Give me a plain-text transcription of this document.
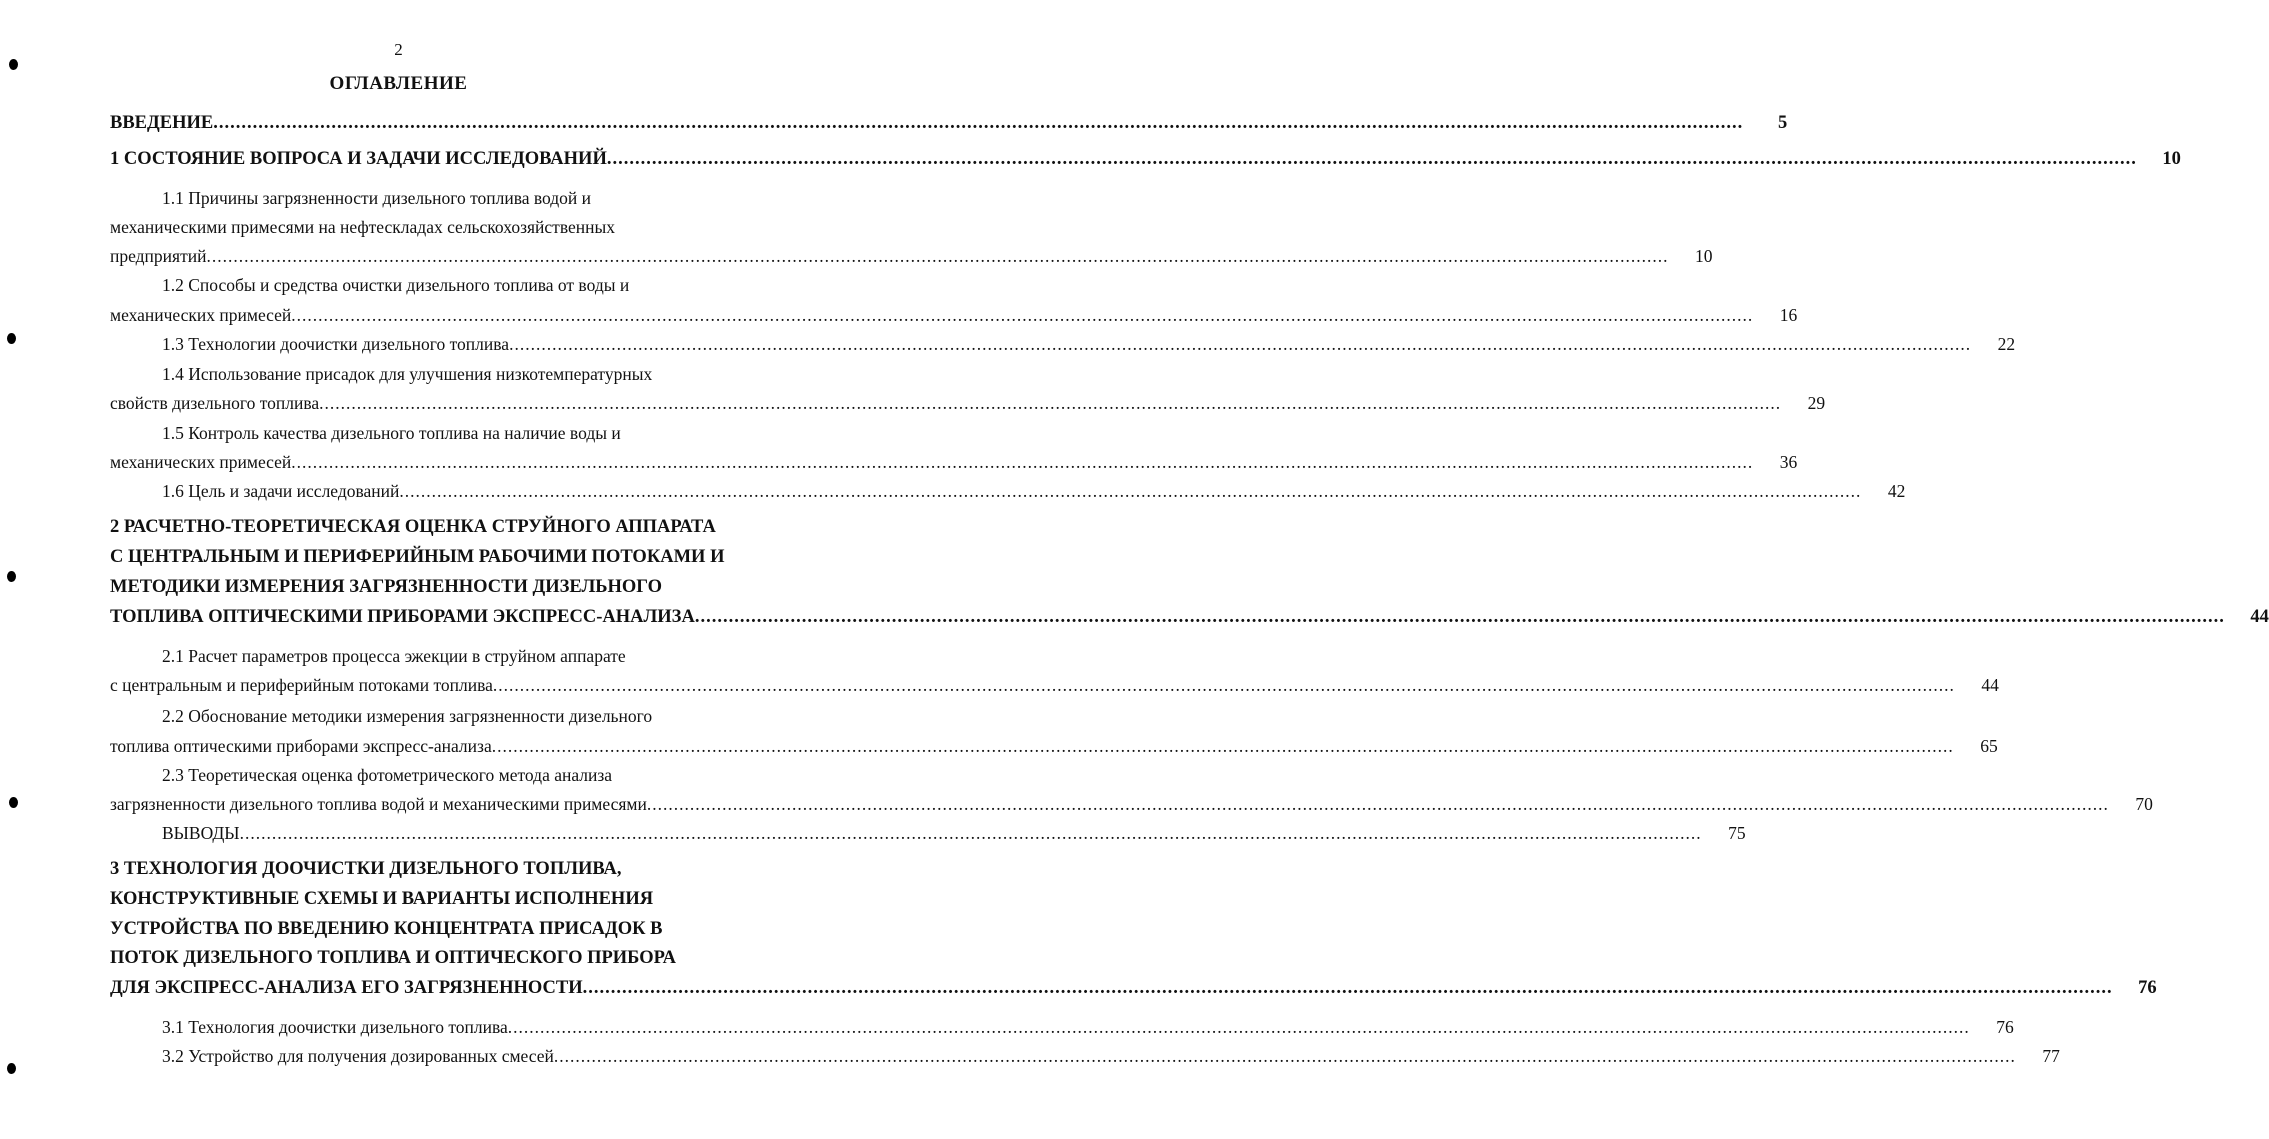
2
ОГЛАВЛЕНИЕ
ВВЕДЕНИЕ .....	5
1 СОСТОЯНИЕ ВОПРОСА И ЗАДАЧИ ИССЛЕДОВАНИЙ .....	10
1.1 Причины загрязненности дизельного топлива водой и
механическими примесями на нефтескладах сельскохозяйственных
предприятий .....	10
1.2 Способы и средства очистки дизельного топлива от воды и
механических примесей .....	16
1.3 Технологии доочистки дизельного топлива .....	22
1.4 Использование присадок для улучшения низкотемпературных
свойств дизельного топлива .....	29
1.5 Контроль качества дизельного топлива на наличие воды и
механических примесей .....	36
1.6 Цель и задачи исследований .....	42
2 РАСЧЕТНО-ТЕОРЕТИЧЕСКАЯ ОЦЕНКА СТРУЙНОГО АППАРАТА
С ЦЕНТРАЛЬНЫМ И ПЕРИФЕРИЙНЫМ РАБОЧИМИ ПОТОКАМИ И
МЕТОДИКИ ИЗМЕРЕНИЯ ЗАГРЯЗНЕННОСТИ ДИЗЕЛЬНОГО
ТОПЛИВА ОПТИЧЕСКИМИ ПРИБОРАМИ ЭКСПРЕСС-АНАЛИЗА .....	44
2.1 Расчет параметров процесса эжекции в струйном аппарате
с центральным и периферийным потоками топлива .....	44
2.2 Обоснование методики измерения загрязненности дизельного
топлива оптическими приборами экспресс-анализа .....	65
2.3 Теоретическая оценка фотометрического метода анализа
загрязненности дизельного топлива водой и механическими примесями .....	70
ВЫВОДЫ .....	75
3 ТЕХНОЛОГИЯ ДООЧИСТКИ ДИЗЕЛЬНОГО ТОПЛИВА,
КОНСТРУКТИВНЫЕ СХЕМЫ И ВАРИАНТЫ ИСПОЛНЕНИЯ
УСТРОЙСТВА ПО ВВЕДЕНИЮ КОНЦЕНТРАТА ПРИСАДОК В
ПОТОК ДИЗЕЛЬНОГО ТОПЛИВА И ОПТИЧЕСКОГО ПРИБОРА
ДЛЯ ЭКСПРЕСС-АНАЛИЗА ЕГО ЗАГРЯЗНЕННОСТИ .....	76
3.1 Технология доочистки дизельного топлива .....	76
3.2 Устройство для получения дозированных смесей .....	77
